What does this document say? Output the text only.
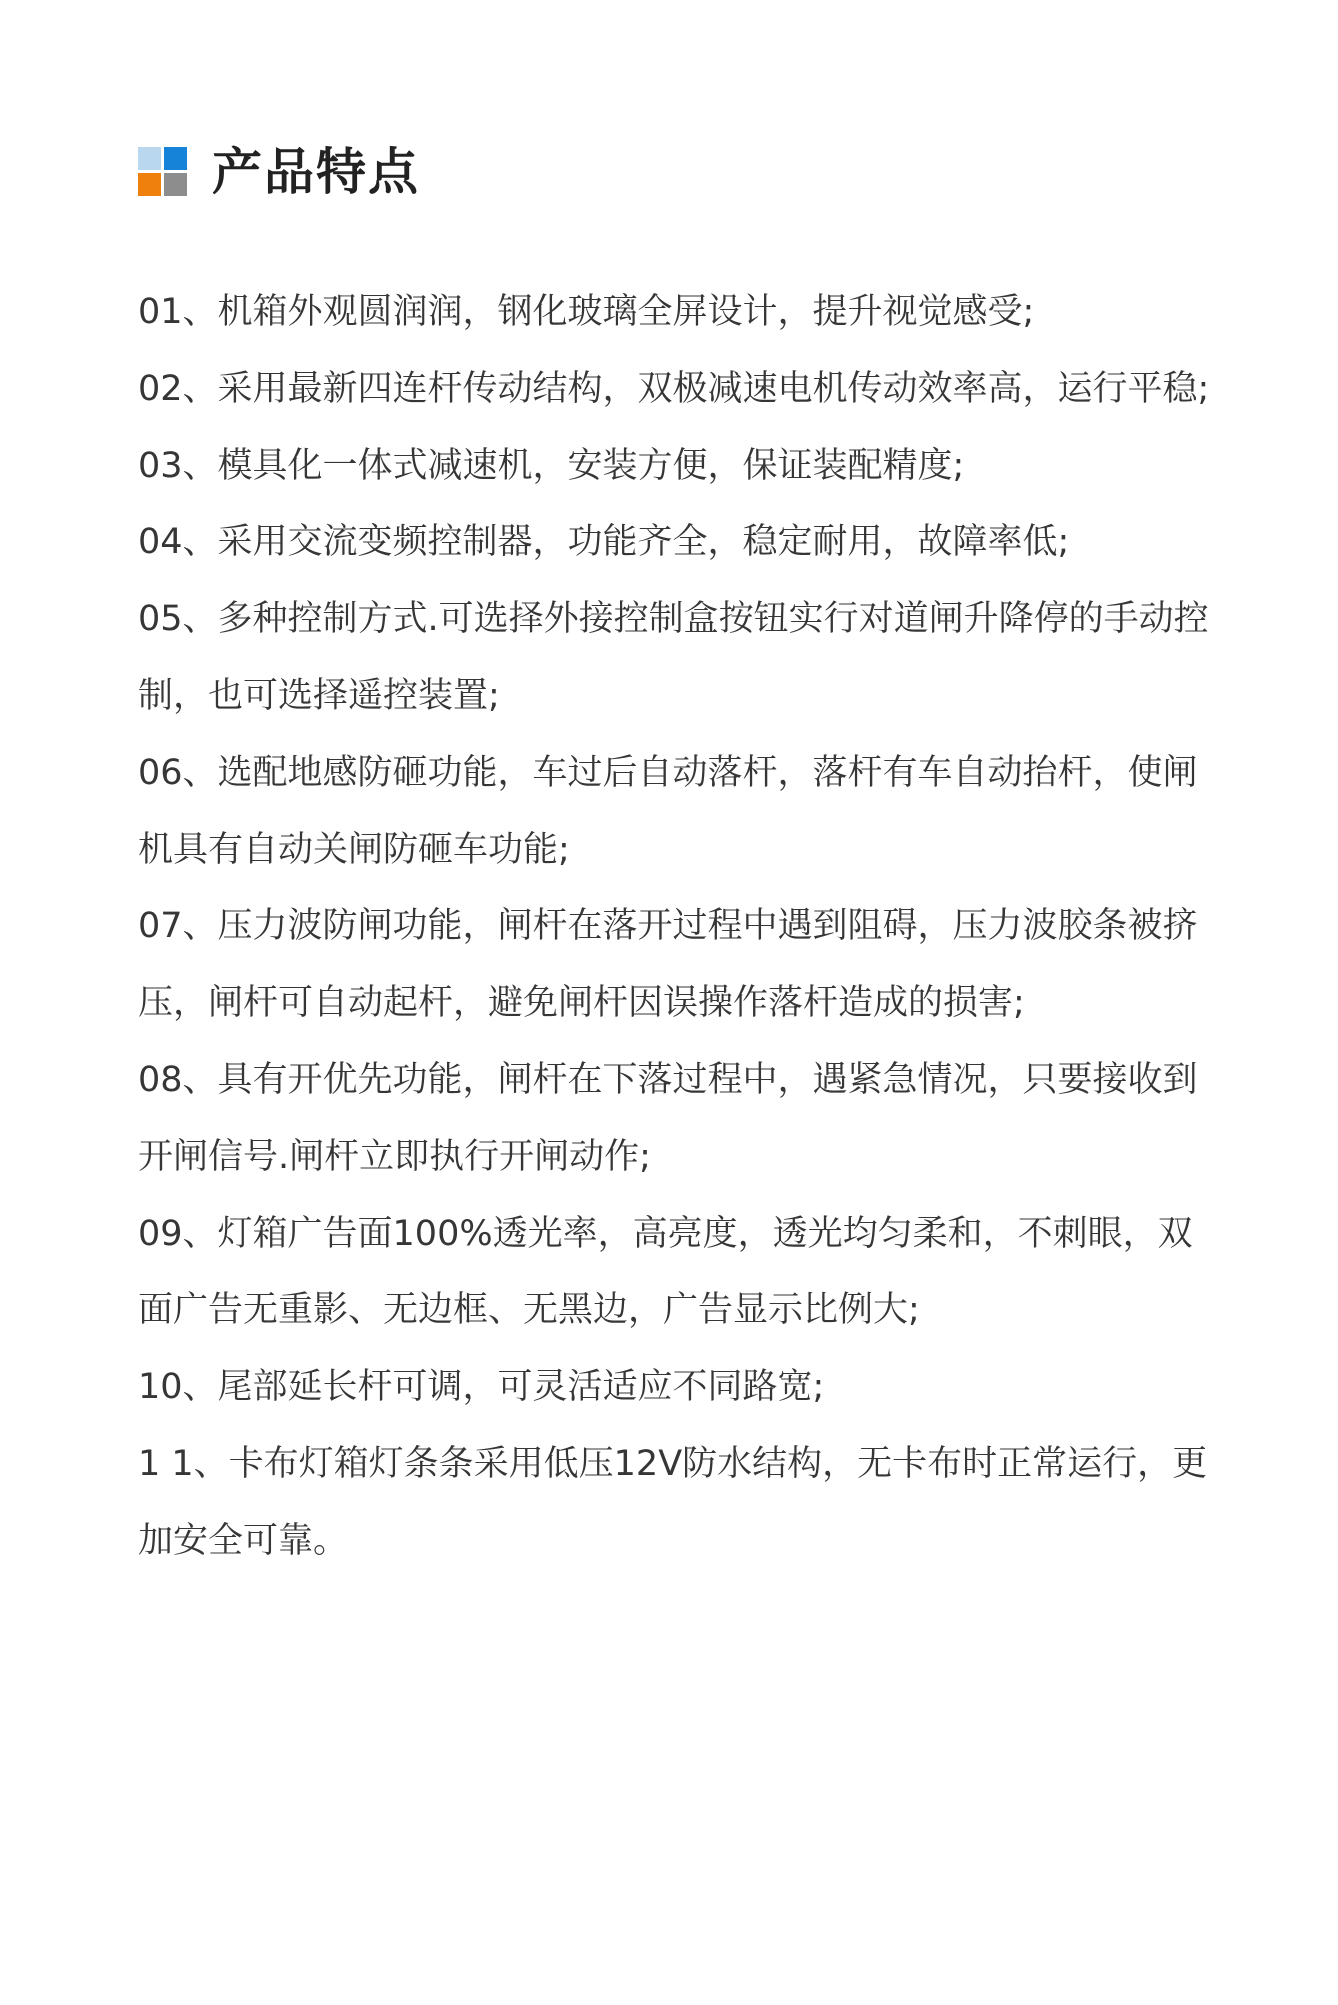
产品特点
01、机箱外观圆润润，钢化玻璃全屏设计，提升视觉感受;
02、采用最新四连杆传动结构，双极减速电机传动效率高，运行平稳;
03、模具化一体式减速机，安装方便，保证装配精度;
04、采用交流变频控制器，功能齐全，稳定耐用，故障率低;
05、多种控制方式.可选择外接控制盒按钮实行对道闸升降停的手动控制，也可选择遥控装置;
06、选配地感防砸功能，车过后自动落杆，落杆有车自动抬杆，使闸机具有自动关闸防砸车功能;
07、压力波防闸功能，闸杆在落开过程中遇到阻碍，压力波胶条被挤压，闸杆可自动起杆，避免闸杆因误操作落杆造成的损害;
08、具有开优先功能，闸杆在下落过程中，遇紧急情况，只要接收到开闸信号.闸杆立即执行开闸动作;
09、灯箱广告面100%透光率，高亮度，透光均匀柔和，不刺眼，双面广告无重影、无边框、无黑边，广告显示比例大;
10、尾部延长杆可调，可灵活适应不同路宽;
1 1、卡布灯箱灯条条采用低压12V防水结构，无卡布时正常运行，更加安全可靠。
